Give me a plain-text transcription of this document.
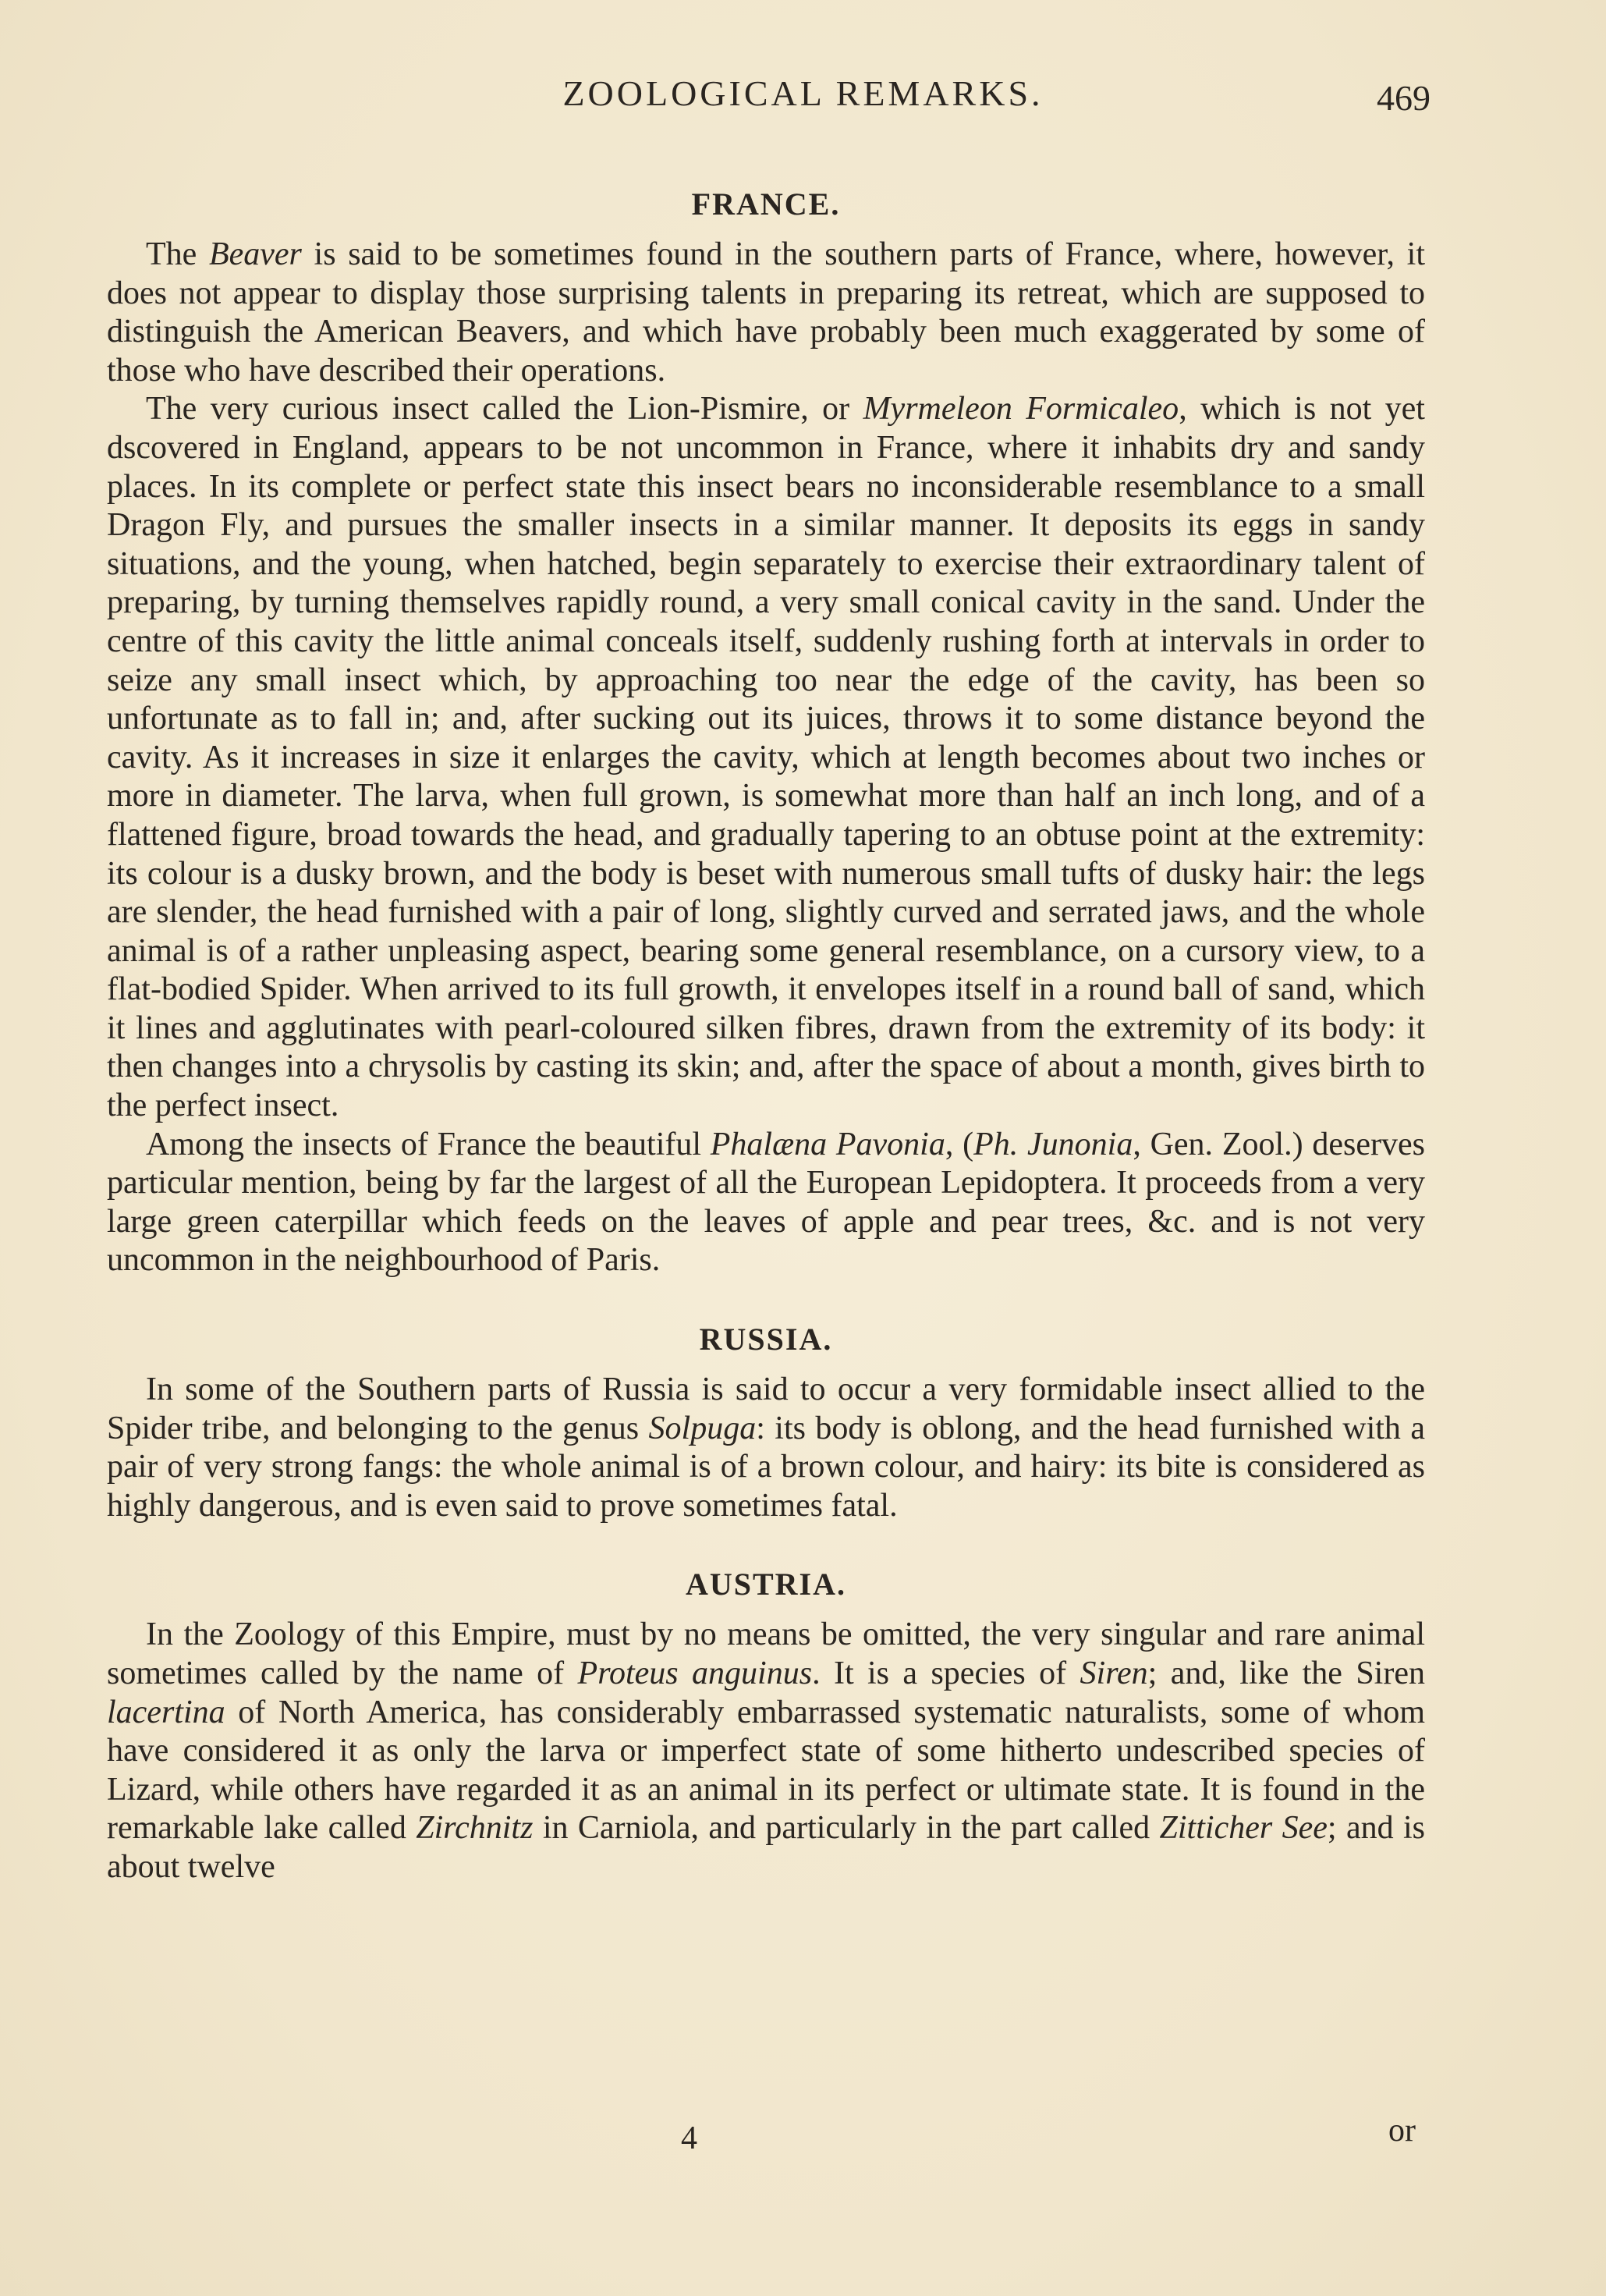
ZOOLOGICAL REMARKS.	469
FRANCE.

The Beaver is said to be sometimes found in the southern parts of France, where, however, it does not appear to display those surprising talents in preparing its retreat, which are supposed to distinguish the American Beavers, and which have probably been much exaggerated by some of those who have described their operations.

The very curious insect called the Lion-Pismire, or Myrmeleon Formicaleo, which is not yet dscovered in England, appears to be not uncommon in France, where it inhabits dry and sandy places. In its complete or perfect state this insect bears no inconsiderable resemblance to a small Dragon Fly, and pursues the smaller insects in a similar manner. It deposits its eggs in sandy situations, and the young, when hatched, begin separately to exercise their extraordinary talent of preparing, by turning themselves rapidly round, a very small conical cavity in the sand. Under the centre of this cavity the little animal conceals itself, suddenly rushing forth at intervals in order to seize any small insect which, by approaching too near the edge of the cavity, has been so unfortunate as to fall in; and, after sucking out its juices, throws it to some distance beyond the cavity. As it increases in size it enlarges the cavity, which at length becomes about two inches or more in diameter. The larva, when full grown, is somewhat more than half an inch long, and of a flattened figure, broad towards the head, and gradually tapering to an obtuse point at the extremity: its colour is a dusky brown, and the body is beset with numerous small tufts of dusky hair: the legs are slender, the head furnished with a pair of long, slightly curved and serrated jaws, and the whole animal is of a rather unpleasing aspect, bearing some general resemblance, on a cursory view, to a flat-bodied Spider. When arrived to its full growth, it envelopes itself in a round ball of sand, which it lines and agglutinates with pearl-coloured silken fibres, drawn from the extremity of its body: it then changes into a chrysolis by casting its skin; and, after the space of about a month, gives birth to the perfect insect.

Among the insects of France the beautiful Phalæna Pavonia, (Ph. Junonia, Gen. Zool.) deserves particular mention, being by far the largest of all the European Lepidoptera. It proceeds from a very large green caterpillar which feeds on the leaves of apple and pear trees, &c. and is not very uncommon in the neighbourhood of Paris.

RUSSIA.

In some of the Southern parts of Russia is said to occur a very formidable insect allied to the Spider tribe, and belonging to the genus Solpuga: its body is oblong, and the head furnished with a pair of very strong fangs: the whole animal is of a brown colour, and hairy: its bite is considered as highly dangerous, and is even said to prove sometimes fatal.

AUSTRIA.

In the Zoology of this Empire, must by no means be omitted, the very singular and rare animal sometimes called by the name of Proteus anguinus. It is a species of Siren; and, like the Siren lacertina of North America, has considerably embarrassed systematic naturalists, some of whom have considered it as only the larva or imperfect state of some hitherto undescribed species of Lizard, while others have regarded it as an animal in its perfect or ultimate state. It is found in the remarkable lake called Zirchnitz in Carniola, and particularly in the part called Zitticher See; and is about twelve

4	or
